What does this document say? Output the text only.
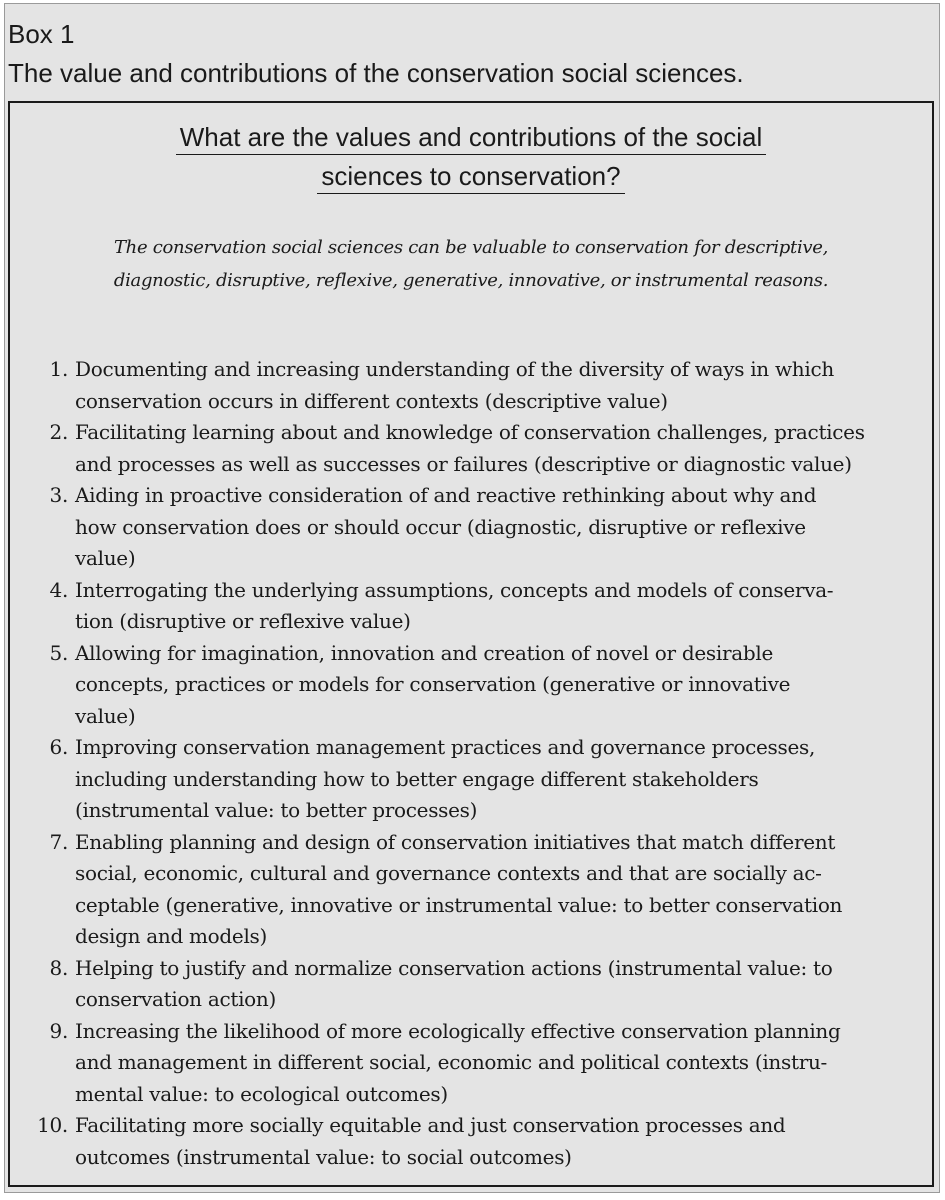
Box 1
The value and contributions of the conservation social sciences.
What are the values and contributions of the social
sciences to conservation?
The conservation social sciences can be valuable to conservation for descriptive,
diagnostic, disruptive, reflexive, generative, innovative, or instrumental reasons.
1. Documenting and increasing understanding of the diversity of ways in which
conservation occurs in different contexts (descriptive value)
2. Facilitating learning about and knowledge of conservation challenges, practices
and processes as well as successes or failures (descriptive or diagnostic value)
3. Aiding in proactive consideration of and reactive rethinking about why and
how conservation does or should occur (diagnostic, disruptive or reflexive
value)
4. Interrogating the underlying assumptions, concepts and models of conserva-
tion (disruptive or reflexive value)
5. Allowing for imagination, innovation and creation of novel or desirable
concepts, practices or models for conservation (generative or innovative
value)
6. Improving conservation management practices and governance processes,
including understanding how to better engage different stakeholders
(instrumental value: to better processes)
7. Enabling planning and design of conservation initiatives that match different
social, economic, cultural and governance contexts and that are socially ac-
ceptable (generative, innovative or instrumental value: to better conservation
design and models)
8. Helping to justify and normalize conservation actions (instrumental value: to
conservation action)
9. Increasing the likelihood of more ecologically effective conservation planning
and management in different social, economic and political contexts (instru-
mental value: to ecological outcomes)
10. Facilitating more socially equitable and just conservation processes and
outcomes (instrumental value: to social outcomes)
